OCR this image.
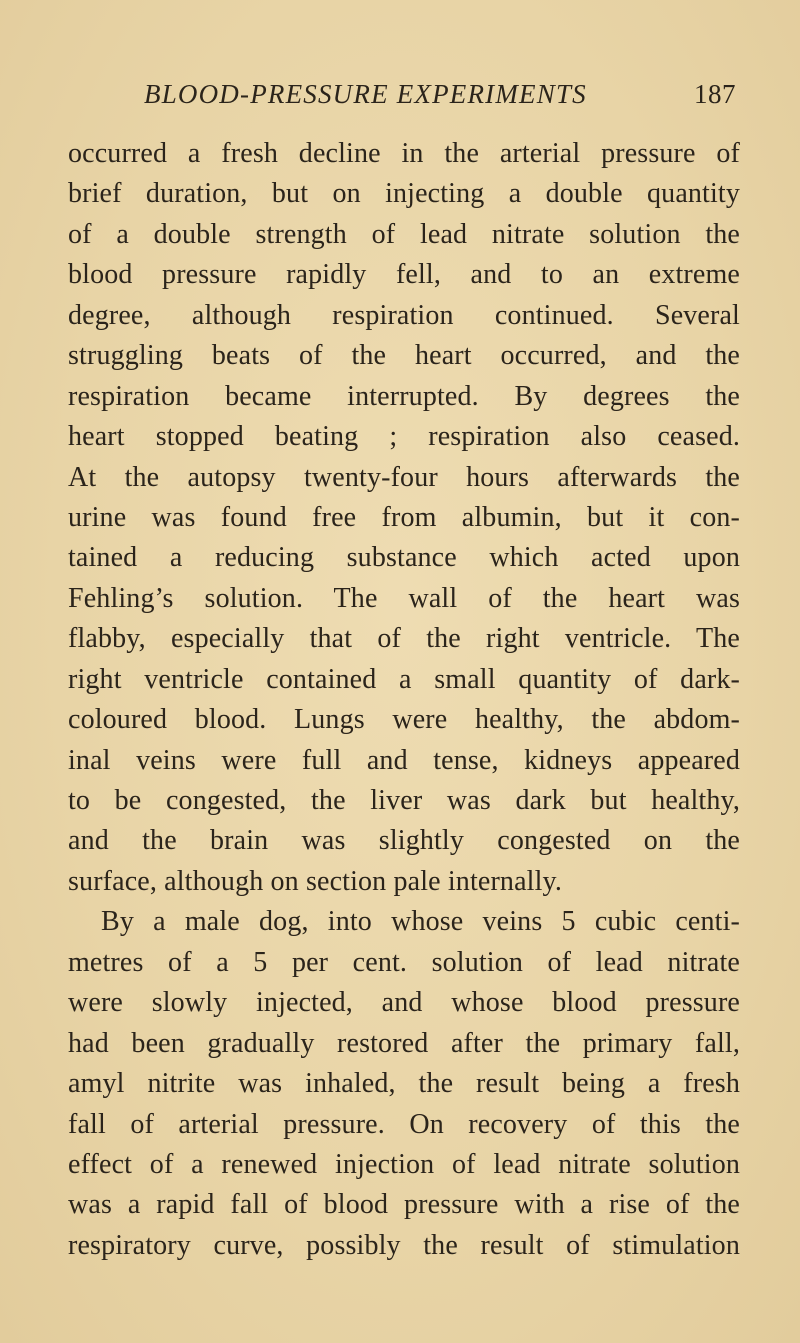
BLOOD-PRESSURE EXPERIMENTS	187
occurred a fresh decline in the arterial pressure of
brief duration, but on injecting a double quantity
of a double strength of lead nitrate solution the
blood pressure rapidly fell, and to an extreme
degree, although respiration continued. Several
struggling beats of the heart occurred, and the
respiration became interrupted. By degrees the
heart stopped beating ; respiration also ceased.
At the autopsy twenty-four hours afterwards the
urine was found free from albumin, but it con-
tained a reducing substance which acted upon
Fehling’s solution. The wall of the heart was
flabby, especially that of the right ventricle. The
right ventricle contained a small quantity of dark-
coloured blood. Lungs were healthy, the abdom-
inal veins were full and tense, kidneys appeared
to be congested, the liver was dark but healthy,
and the brain was slightly congested on the
surface, although on section pale internally.
By a male dog, into whose veins 5 cubic centi-
metres of a 5 per cent. solution of lead nitrate
were slowly injected, and whose blood pressure
had been gradually restored after the primary fall,
amyl nitrite was inhaled, the result being a fresh
fall of arterial pressure. On recovery of this the
effect of a renewed injection of lead nitrate solution
was a rapid fall of blood pressure with a rise of the
respiratory curve, possibly the result of stimulation
